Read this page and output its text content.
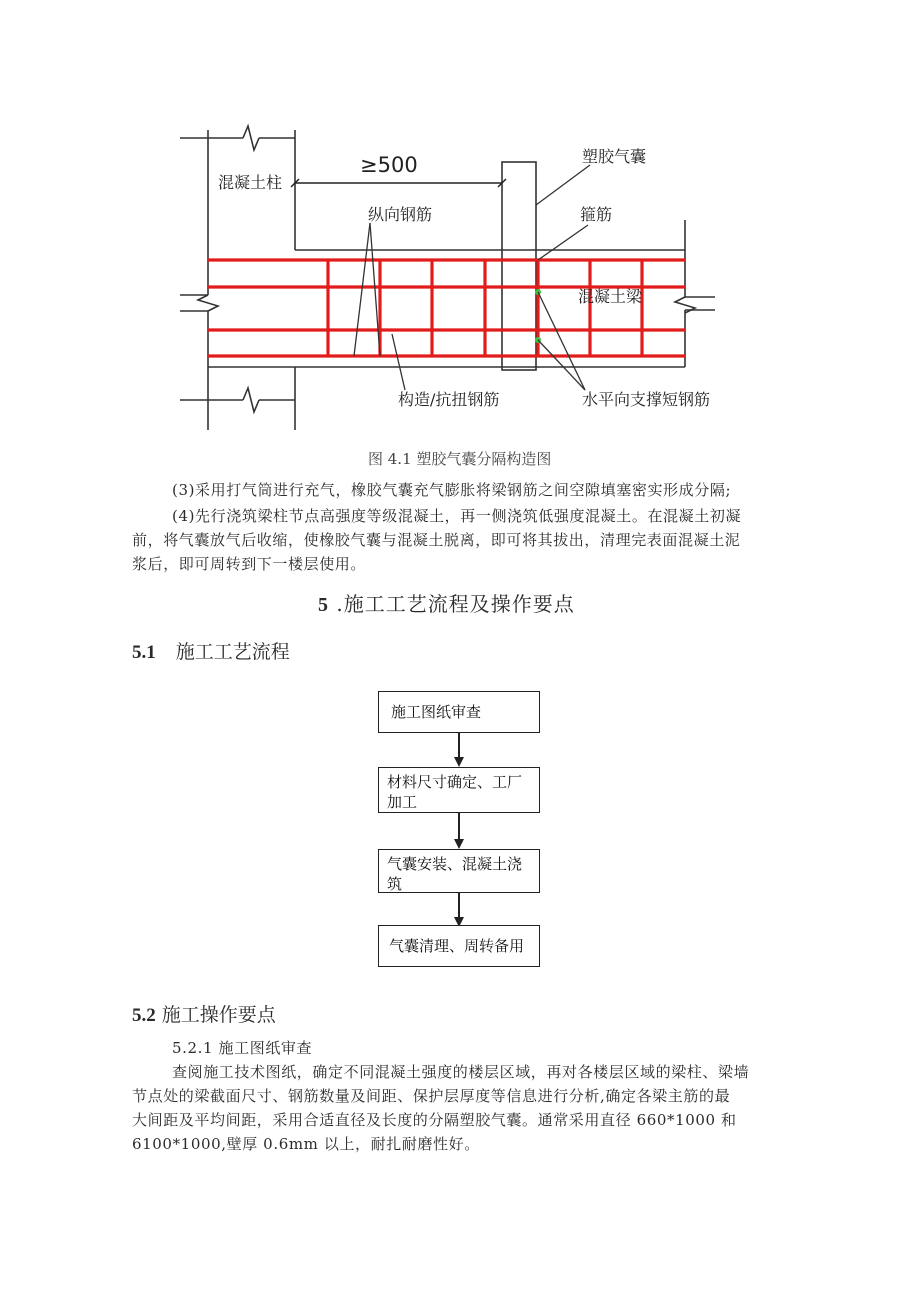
混凝土柱
≥500	塑胶气囊
纵向钢筋	箍筋
混凝土梁
构造/抗扭钢筋	水平向支撑短钢筋
图 4.1 塑胶气囊分隔构造图
(3)采用打气筒进行充气，橡胶气囊充气膨胀将梁钢筋之间空隙填塞密实形成分隔;
(4)先行浇筑梁柱节点高强度等级混凝土，再一侧浇筑低强度混凝土。在混凝土初凝
前，将气囊放气后收缩，使橡胶气囊与混凝土脱离，即可将其拔出，清理完表面混凝土泥
浆后，即可周转到下一楼层使用。
5 .施工工艺流程及操作要点
5.1 施工工艺流程
施工图纸审查
材料尺寸确定、工厂
加工
气囊安装、混凝土浇
筑
气囊清理、周转备用
5.2 施工操作要点
5.2.1 施工图纸审查
查阅施工技术图纸，确定不同混凝土强度的楼层区域，再对各楼层区域的梁柱、梁墙
节点处的梁截面尺寸、钢筋数量及间距、保护层厚度等信息进行分析,确定各梁主筋的最
大间距及平均间距，采用合适直径及长度的分隔塑胶气囊。通常采用直径 660*1000 和
6100*1000,壁厚 0.6mm 以上，耐扎耐磨性好。
